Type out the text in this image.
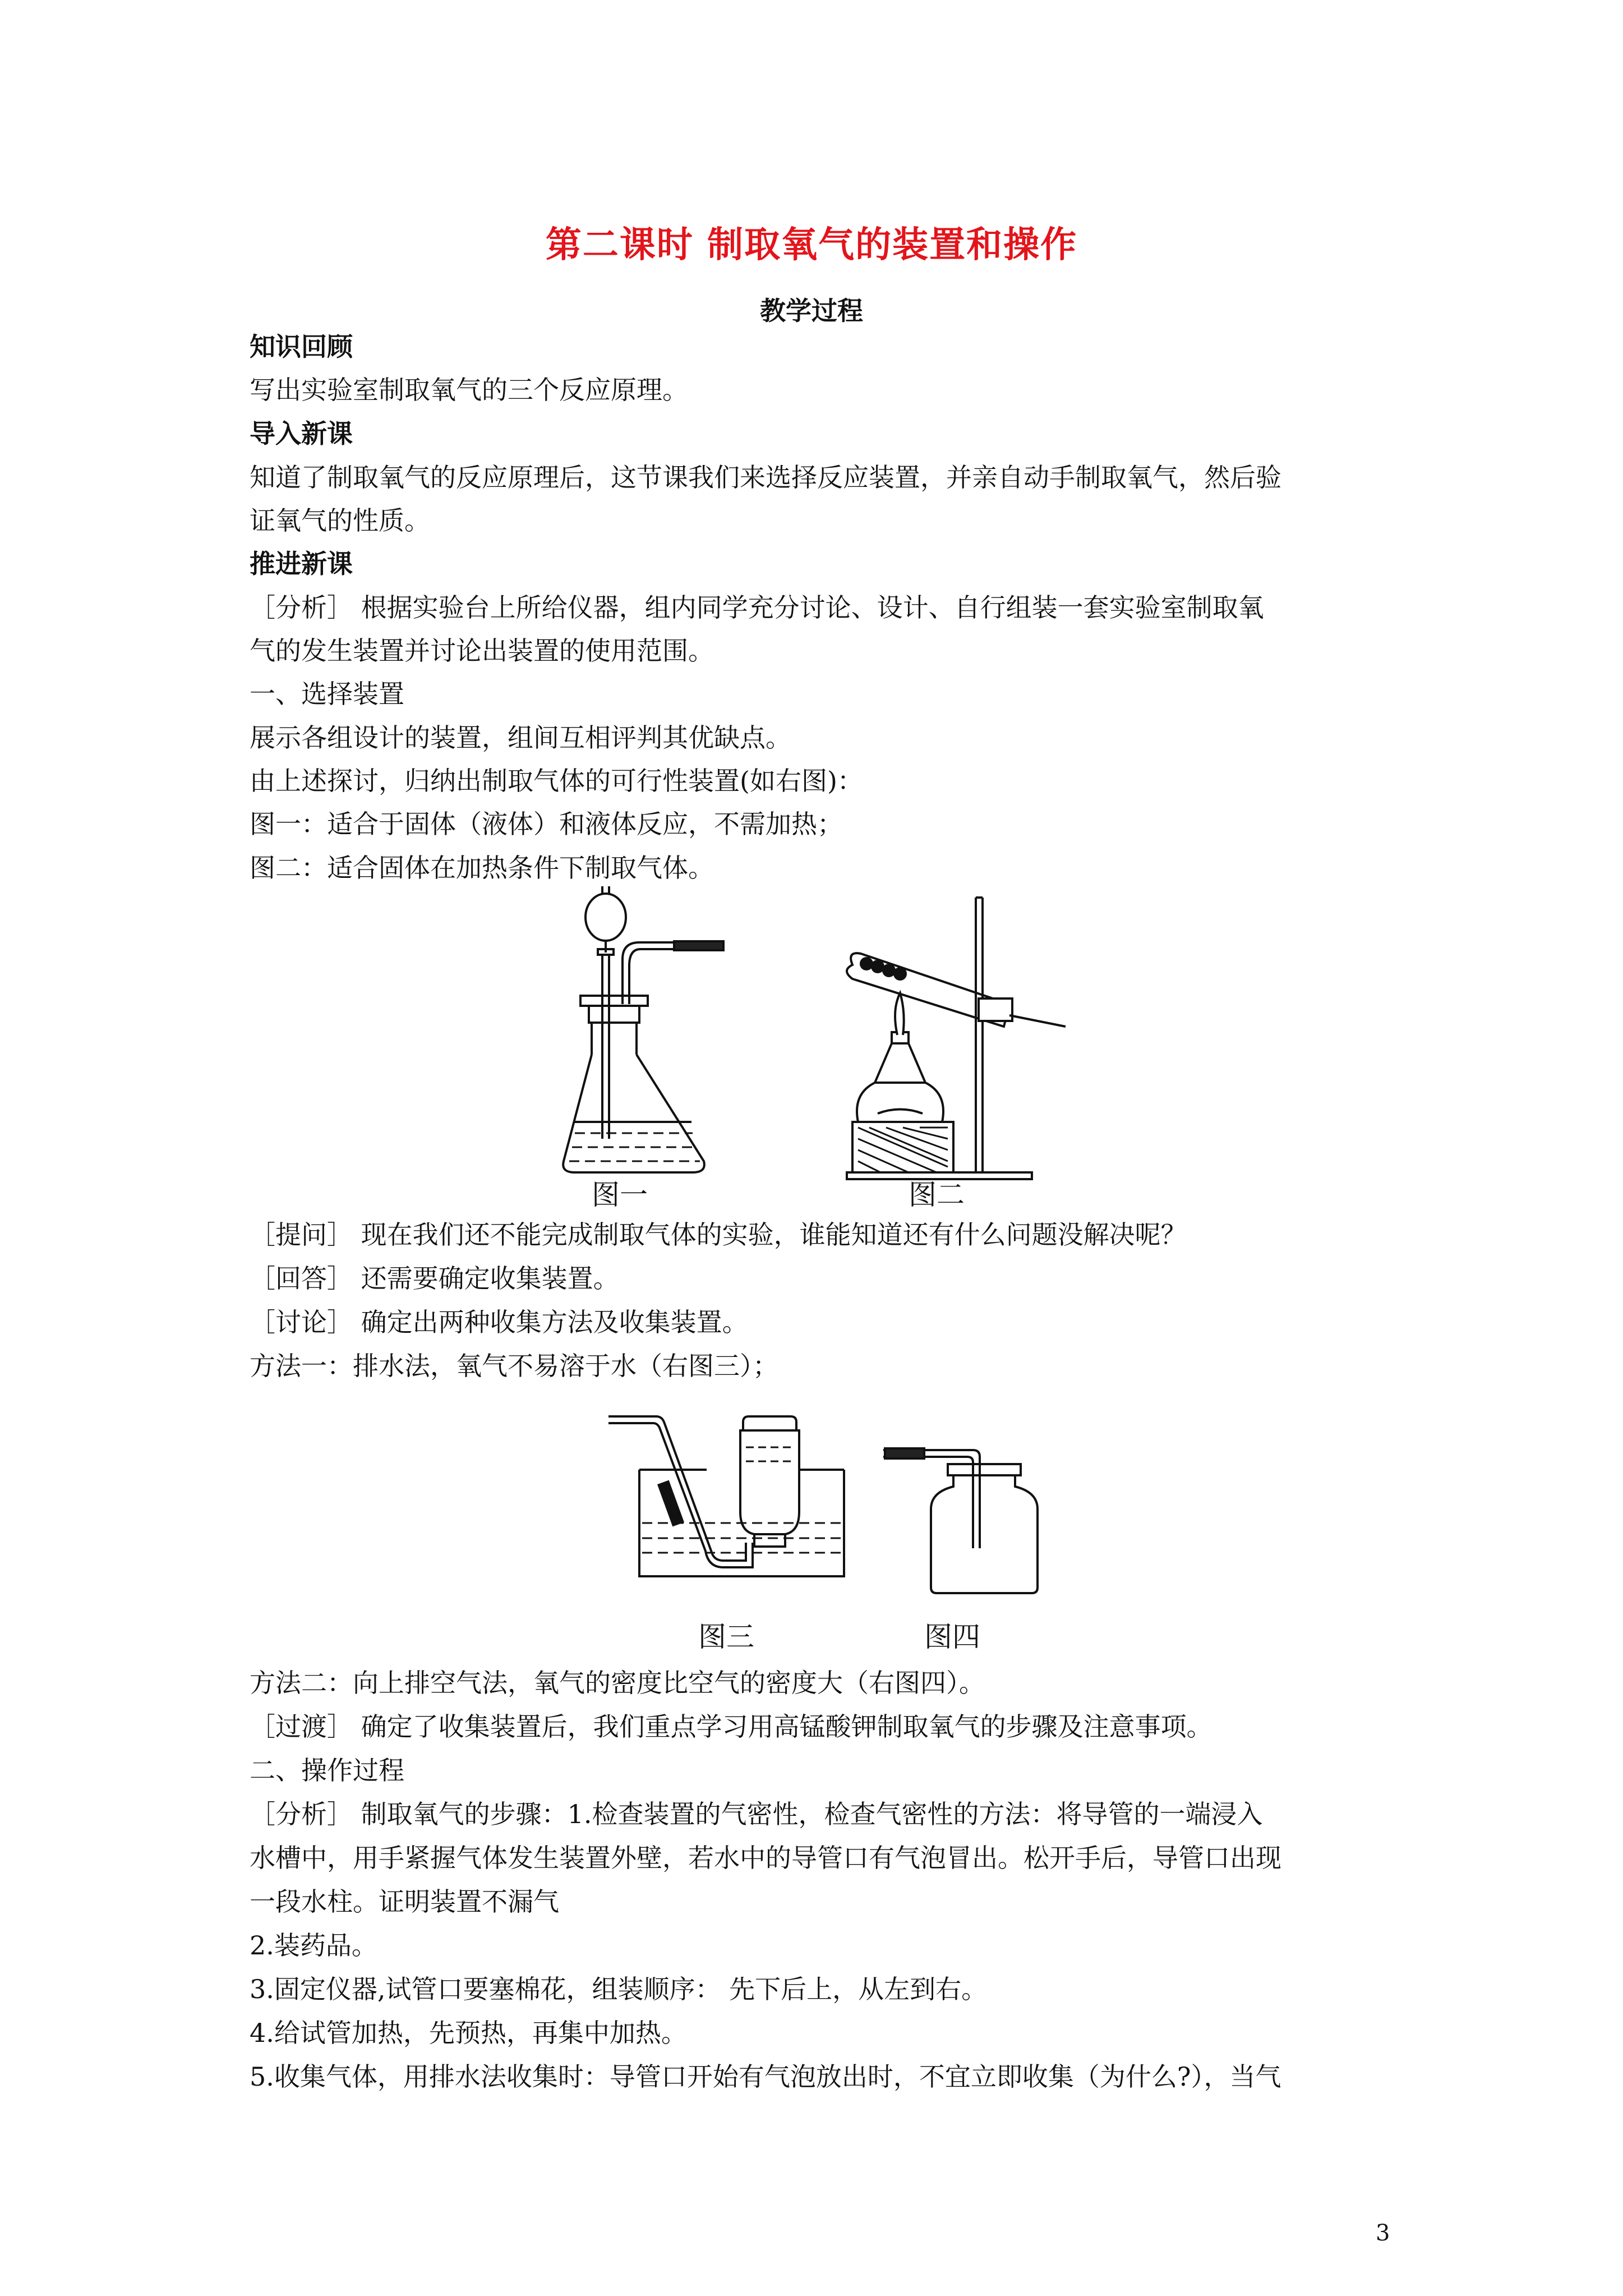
第二课时 制取氧气的装置和操作
教学过程
知识回顾
写出实验室制取氧气的三个反应原理。
导入新课
知道了制取氧气的反应原理后，这节课我们来选择反应装置，并亲自动手制取氧气，然后验
证氧气的性质。
推进新课
［分析］ 根据实验台上所给仪器，组内同学充分讨论、设计、自行组装一套实验室制取氧
气的发生装置并讨论出装置的使用范围。
一、选择装置
展示各组设计的装置，组间互相评判其优缺点。
由上述探讨，归纳出制取气体的可行性装置(如右图)：
图一：适合于固体（液体）和液体反应，不需加热；
图二：适合固体在加热条件下制取气体。
图一	图二
［提问］ 现在我们还不能完成制取气体的实验，谁能知道还有什么问题没解决呢？
［回答］ 还需要确定收集装置。
［讨论］ 确定出两种收集方法及收集装置。
方法一：排水法，氧气不易溶于水（右图三）；
图三	图四
方法二：向上排空气法，氧气的密度比空气的密度大（右图四）。
［过渡］ 确定了收集装置后，我们重点学习用高锰酸钾制取氧气的步骤及注意事项。
二、操作过程
［分析］ 制取氧气的步骤：1.检查装置的气密性，检查气密性的方法：将导管的一端浸入
水槽中，用手紧握气体发生装置外壁，若水中的导管口有气泡冒出。松开手后，导管口出现
一段水柱。证明装置不漏气
2.装药品。
3.固定仪器,试管口要塞棉花，组装顺序： 先下后上，从左到右。
4.给试管加热，先预热，再集中加热。
5.收集气体，用排水法收集时：导管口开始有气泡放出时，不宜立即收集（为什么?），当气
3
